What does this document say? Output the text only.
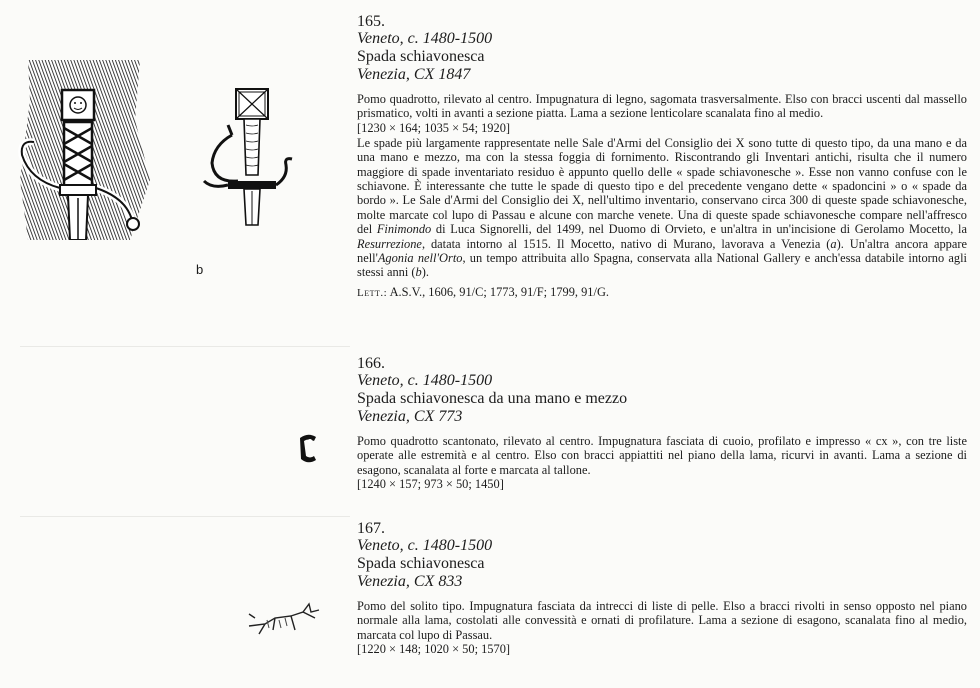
b
165.
Veneto, c. 1480-1500
Spada schiavonesca
Venezia, CX 1847

Pomo quadrotto, rilevato al centro. Impugnatura di legno, sagomata trasversalmente. Elso con bracci uscenti dal massello prismatico, volti in avanti a sezione piatta. Lama a sezione lenticolare scanalata fino al medio.

[1230 × 164; 1035 × 54; 1920]

Le spade più largamente rappresentate nelle Sale d'Armi del Consiglio dei X sono tutte di questo tipo, da una mano e da una mano e mezzo, ma con la stessa foggia di fornimento. Riscontrando gli Inventari antichi, risulta che il numero maggiore di spade inventariato residuo è appunto quello delle « spade schiavonesche ». Esse non vanno confuse con le schiavone. È interessante che tutte le spade di questo tipo e del precedente vengano dette « spadoncini » o « spade da bordo ». Le Sale d'Armi del Consiglio dei X, nell'ultimo inventario, conservano circa 300 di queste spade schiavonesche, molte marcate col lupo di Passau e alcune con marche venete. Una di queste spade schiavonesche compare nell'affresco del Finimondo di Luca Signorelli, del 1499, nel Duomo di Orvieto, e un'altra in un'incisione di Gerolamo Mocetto, la Resurrezione, datata intorno al 1515. Il Mocetto, nativo di Murano, lavorava a Venezia (a). Un'altra ancora appare nell'Agonia nell'Orto, un tempo attribuita allo Spagna, conservata alla National Gallery e anch'essa databile intorno agli stessi anni (b).

Lett.: A.S.V., 1606, 91/C; 1773, 91/F; 1799, 91/G.
166.
Veneto, c. 1480-1500
Spada schiavonesca da una mano e mezzo
Venezia, CX 773

Pomo quadrotto scantonato, rilevato al centro. Impugnatura fasciata di cuoio, profilato e impresso « cx », con tre liste operate alle estremità e al centro. Elso con bracci appiattiti nel piano della lama, ricurvi in avanti. Lama a sezione di esagono, scanalata al forte e marcata al tallone.

[1240 × 157; 973 × 50; 1450]
167.
Veneto, c. 1480-1500
Spada schiavonesca
Venezia, CX 833

Pomo del solito tipo. Impugnatura fasciata da intrecci di liste di pelle. Elso a bracci rivolti in senso opposto nel piano normale alla lama, costolati alle convessità e ornati di profilature. Lama a sezione di esagono, scanalata fino al medio, marcata col lupo di Passau.

[1220 × 148; 1020 × 50; 1570]
